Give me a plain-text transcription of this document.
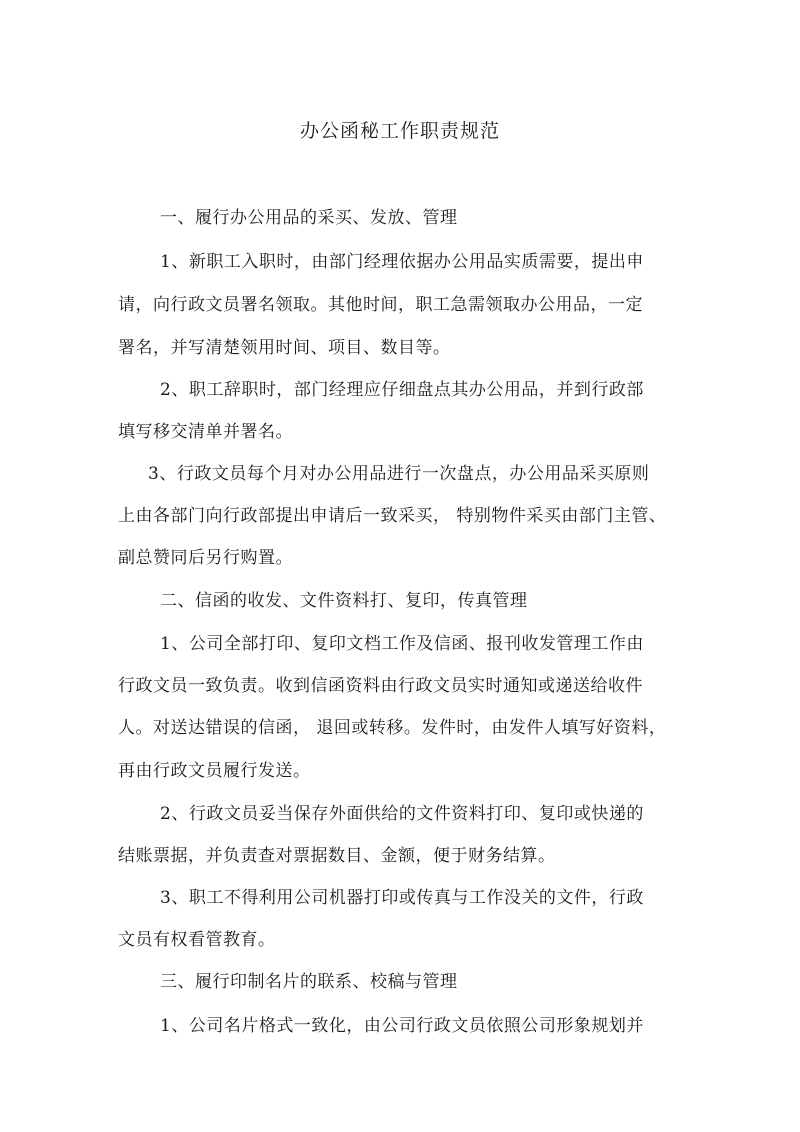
办公函秘工作职责规范
一、履行办公用品的采买、发放、管理
1、新职工入职时，由部门经理依据办公用品实质需要，提出申
请，向行政文员署名领取。其他时间，职工急需领取办公用品，一定
署名，并写清楚领用时间、项目、数目等。
2、职工辞职时，部门经理应仔细盘点其办公用品，并到行政部
填写移交清单并署名。
3、行政文员每个月对办公用品进行一次盘点，办公用品采买原则
上由各部门向行政部提出申请后一致采买， 特别物件采买由部门主管、
副总赞同后另行购置。
二、信函的收发、文件资料打、复印，传真管理
1、公司全部打印、复印文档工作及信函、报刊收发管理工作由
行政文员一致负责。收到信函资料由行政文员实时通知或递送给收件
人。对送达错误的信函， 退回或转移。发件时，由发件人填写好资料，
再由行政文员履行发送。
2、行政文员妥当保存外面供给的文件资料打印、复印或快递的
结账票据，并负责查对票据数目、金额，便于财务结算。
3、职工不得利用公司机器打印或传真与工作没关的文件，行政
文员有权看管教育。
三、履行印制名片的联系、校稿与管理
1、公司名片格式一致化，由公司行政文员依照公司形象规划并
